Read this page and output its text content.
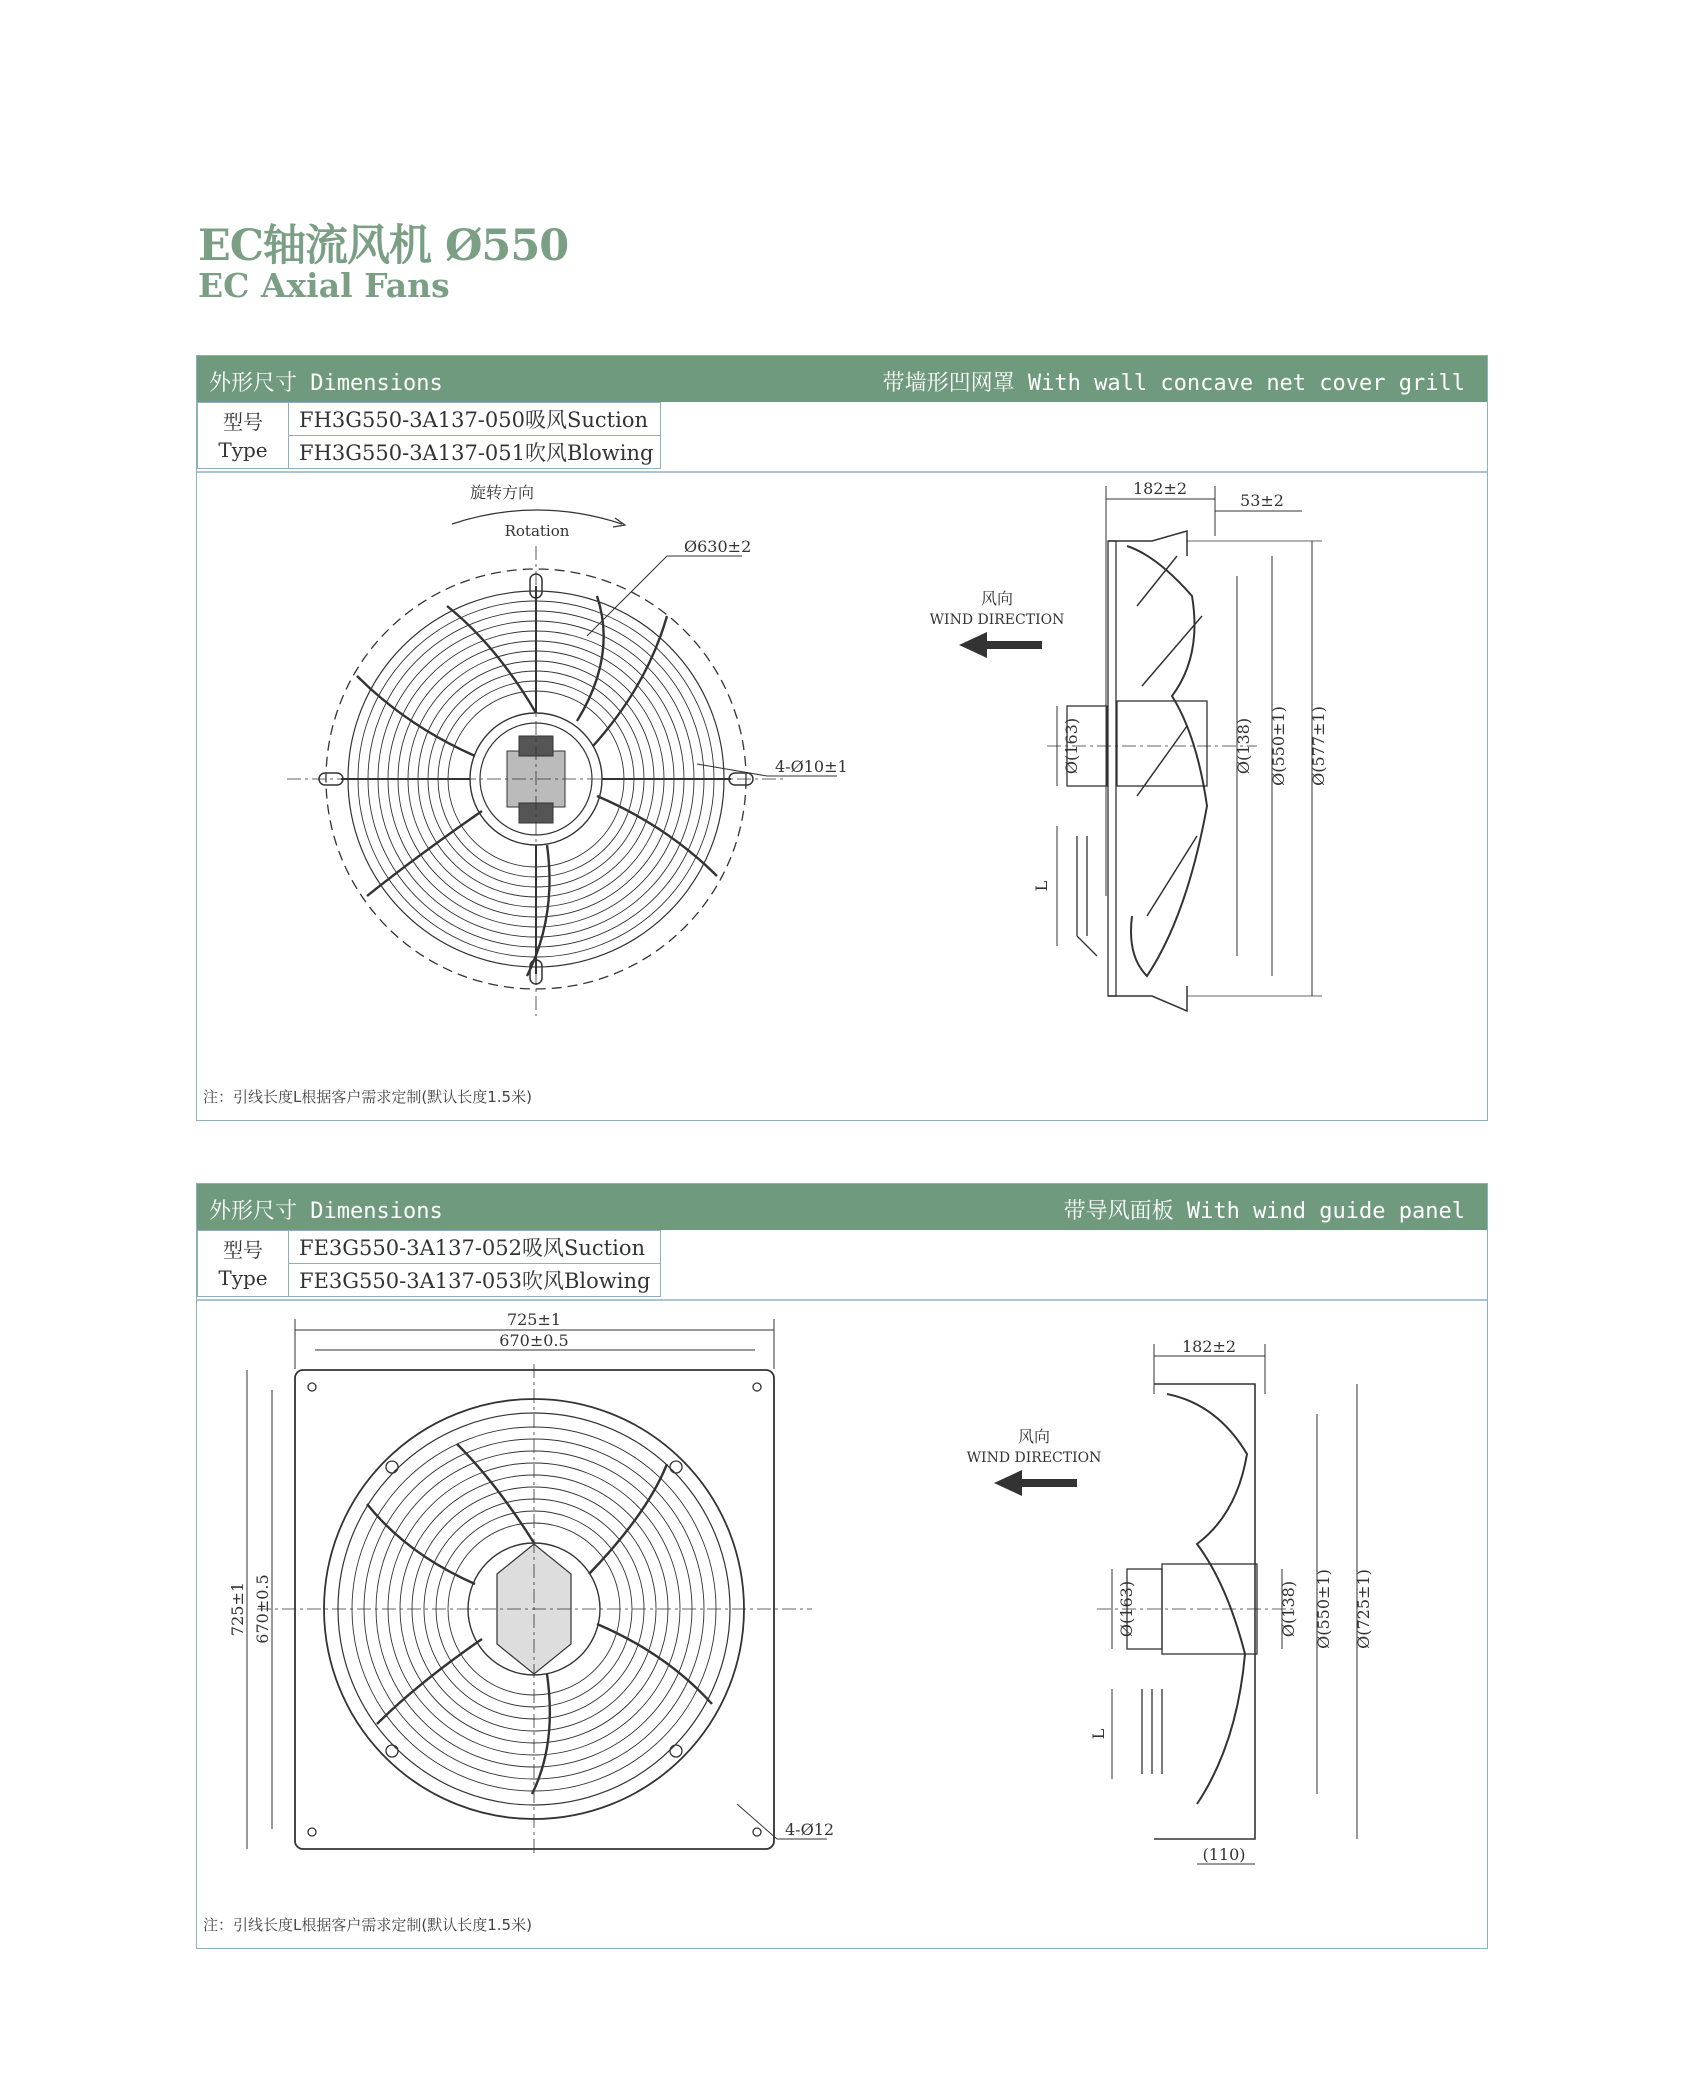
EC轴流风机 Ø550
EC Axial Fans
外形尺寸 Dimensions	带墙形凹网罩 With wall concave net cover grill
型号
Type
	FH3G550-3A137-050吸风Suction
FH3G550-3A137-051吹风Blowing
旋转方向
Rotation
Ø630±2
4-Ø10±1
风向
WIND DIRECTION
182±2
53±2
Ø(163)	Ø(138) Ø(550±1) Ø(577±1)
L
注：引线长度L根据客户需求定制(默认长度1.5米)
外形尺寸 Dimensions	带导风面板 With wind guide panel
型号
Type
	FE3G550-3A137-052吸风Suction
FE3G550-3A137-053吹风Blowing
725±1
670±0.5
725±1 670±0.5
4-Ø12
风向
WIND DIRECTION
182±2
Ø(163)	Ø(138) Ø(550±1) Ø(725±1)
(110)
L
注：引线长度L根据客户需求定制(默认长度1.5米)
